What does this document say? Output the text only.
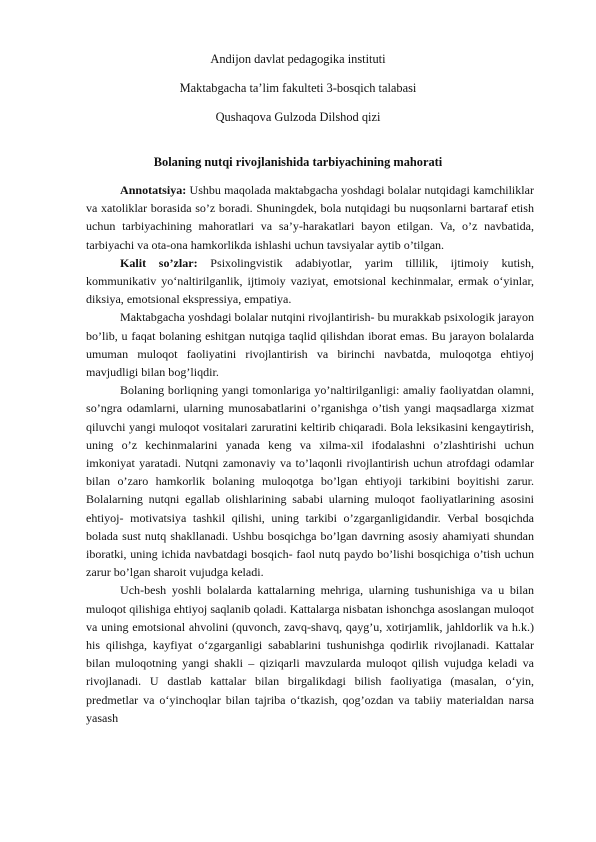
Andijon davlat pedagogika instituti
Maktabgacha ta’lim fakulteti 3-bosqich talabasi
Qushaqova Gulzoda Dilshod qizi
Bolaning nutqi rivojlanishida tarbiyachining mahorati

Annotatsiya: Ushbu maqolada maktabgacha yoshdagi bolalar nutqidagi kamchiliklar va xatoliklar borasida so’z boradi. Shuningdek, bola nutqidagi bu nuqsonlarni bartaraf etish uchun tarbiyachining mahoratlari va sa’y-harakatlari bayon etilgan. Va, o’z navbatida, tarbiyachi va ota-ona hamkorlikda ishlashi uchun tavsiyalar aytib o’tilgan.

Kalit so’zlar: Psixolingvistik adabiyotlar, yarim tillilik, ijtimoiy kutish, kommunikativ yo‘naltirilganlik, ijtimoiy vaziyat, emotsional kechinmalar, ermak o‘yinlar, diksiya, emotsional ekspressiya, empatiya.

Maktabgacha yoshdagi bolalar nutqini rivojlantirish- bu murakkab psixologik jarayon bo’lib, u faqat bolaning eshitgan nutqiga taqlid qilishdan iborat emas. Bu jarayon bolalarda umuman muloqot faoliyatini rivojlantirish va birinchi navbatda, muloqotga ehtiyoj mavjudligi bilan bog’liqdir.

Bolaning borliqning yangi tomonlariga yo’naltirilganligi: amaliy faoliyatdan olamni, so’ngra odamlarni, ularning munosabatlarini o’rganishga o’tish yangi maqsadlarga xizmat qiluvchi yangi muloqot vositalari zaruratini keltirib chiqaradi. Bola leksikasini kengaytirish, uning o’z kechinmalarini yanada keng va xilma-xil ifodalashni o’zlashtirishi uchun imkoniyat yaratadi. Nutqni zamonaviy va to’laqonli rivojlantirish uchun atrofdagi odamlar bilan o’zaro hamkorlik bolaning muloqotga bo’lgan ehtiyoji tarkibini boyitishi zarur. Bolalarning nutqni egallab olishlarining sababi ularning muloqot faoliyatlarining asosini ehtiyoj- motivatsiya tashkil qilishi, uning tarkibi o’zgarganligidandir. Verbal bosqichda bolada sust nutq shakllanadi. Ushbu bosqichga bo’lgan davrning asosiy ahamiyati shundan iboratki, uning ichida navbatdagi bosqich- faol nutq paydo bo’lishi bosqichiga o’tish uchun zarur bo’lgan sharoit vujudga keladi.

Uch-besh yoshli bolalarda kattalarning mehriga, ularning tushunishiga va u bilan muloqot qilishiga ehtiyoj saqlanib qoladi. Kattalarga nisbatan ishonchga asoslangan muloqot va uning emotsional ahvolini (quvonch, zavq-shavq, qayg’u, xotirjamlik, jahldorlik va h.k.) his qilishga, kayfiyat o‘zgarganligi sabablarini tushunishga qodirlik rivojlanadi. Kattalar bilan muloqotning yangi shakli – qiziqarli mavzularda muloqot qilish vujudga keladi va rivojlanadi. U dastlab kattalar bilan birgalikdagi bilish faoliyatiga (masalan, o‘yin, predmetlar va o‘yinchoqlar bilan tajriba o‘tkazish, qog’ozdan va tabiiy materialdan narsa yasash
